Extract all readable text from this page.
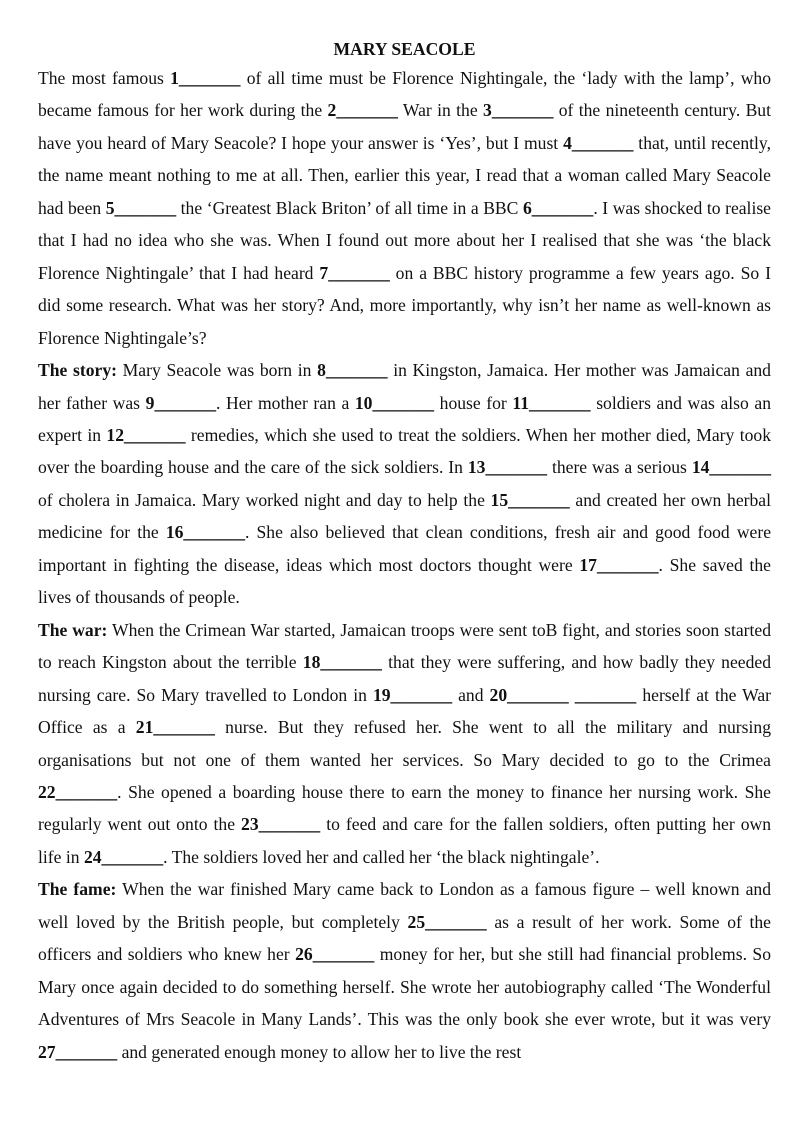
MARY SEACOLE

The most famous 1_______ of all time must be Florence Nightingale, the ‘lady with the lamp’, who became famous for her work during the 2_______ War in the 3_______ of the nineteenth century. But have you heard of Mary Seacole? I hope your answer is ‘Yes’, but I must 4_______ that, until recently, the name meant nothing to me at all. Then, earlier this year, I read that a woman called Mary Seacole had been 5_______ the ‘Greatest Black Briton’ of all time in a BBC 6_______. I was shocked to realise that I had no idea who she was. When I found out more about her I realised that she was ‘the black Florence Nightingale’ that I had heard 7_______ on a BBC history programme a few years ago. So I did some research. What was her story? And, more importantly, why isn’t her name as well-known as Florence Nightingale’s?

The story: Mary Seacole was born in 8_______ in Kingston, Jamaica. Her mother was Jamaican and her father was 9_______. Her mother ran a 10_______ house for 11_______ soldiers and was also an expert in 12_______ remedies, which she used to treat the soldiers. When her mother died, Mary took over the boarding house and the care of the sick soldiers. In 13_______ there was a serious 14_______ of cholera in Jamaica. Mary worked night and day to help the 15_______ and created her own herbal medicine for the 16_______. She also believed that clean conditions, fresh air and good food were important in fighting the disease, ideas which most doctors thought were 17_______. She saved the lives of thousands of people.

The war: When the Crimean War started, Jamaican troops were sent toB fight, and stories soon started to reach Kingston about the terrible 18_______ that they were suffering, and how badly they needed nursing care. So Mary travelled to London in 19_______ and 20_______ _______ herself at the War Office as a 21_______ nurse. But they refused her. She went to all the military and nursing organisations but not one of them wanted her services. So Mary decided to go to the Crimea 22_______. She opened a boarding house there to earn the money to finance her nursing work. She regularly went out onto the 23_______ to feed and care for the fallen soldiers, often putting her own life in 24_______. The soldiers loved her and called her ‘the black nightingale’.

The fame: When the war finished Mary came back to London as a famous figure – well known and well loved by the British people, but completely 25_______ as a result of her work. Some of the officers and soldiers who knew her 26_______ money for her, but she still had financial problems. So Mary once again decided to do something herself. She wrote her autobiography called ‘The Wonderful Adventures of Mrs Seacole in Many Lands’. This was the only book she ever wrote, but it was very 27_______ and generated enough money to allow her to live the rest
